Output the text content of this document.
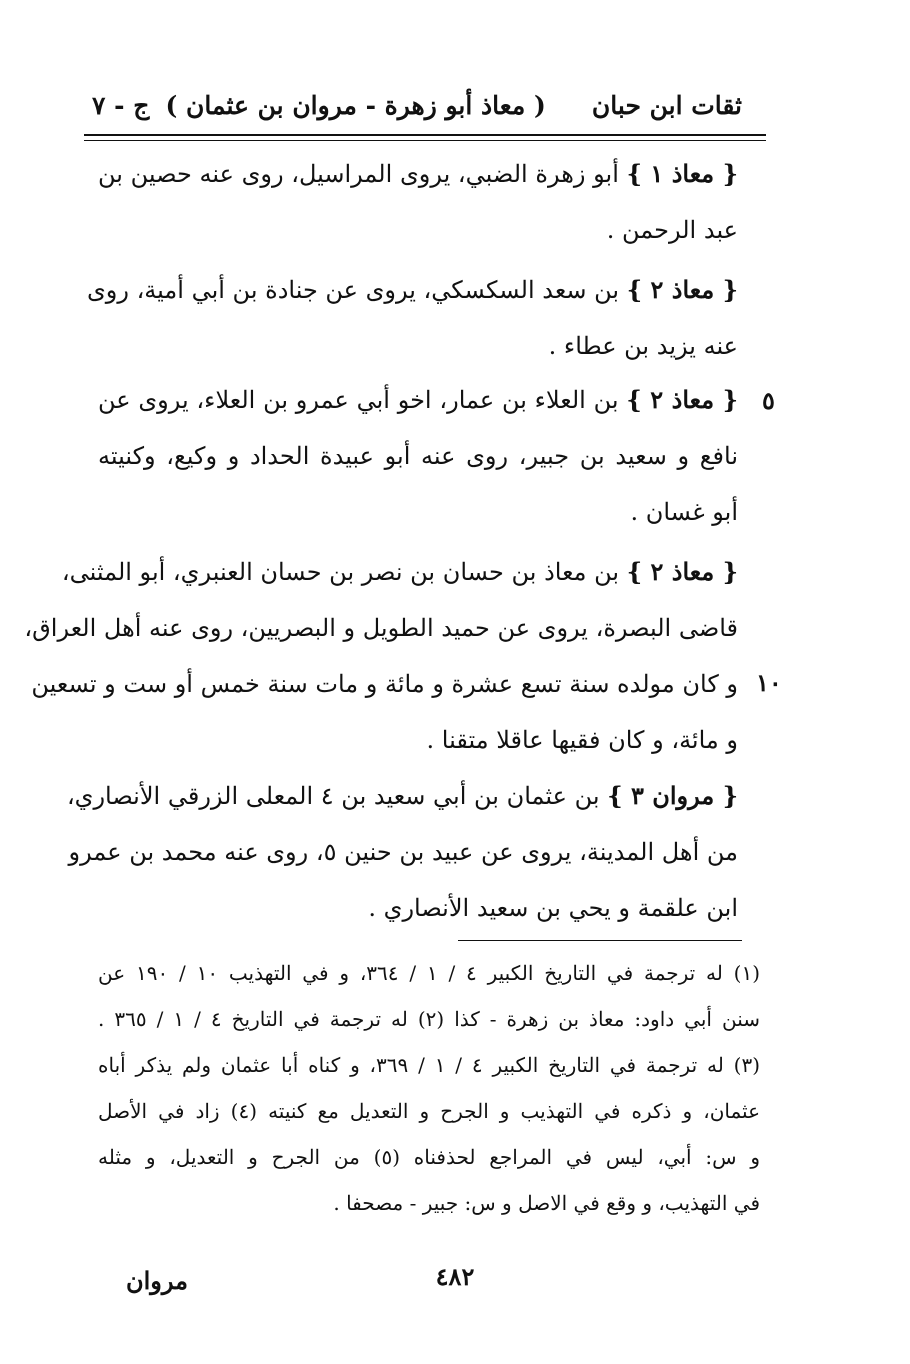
ثقات ابن حبان
( معاذ أبو زهرة - مروان بن عثمان )
ج - ٧
{ معاذ ١ } أبو زهرة الضبي، يروى المراسيل، روى عنه حصين بن
عبد الرحمن .
{ معاذ ٢ } بن سعد السكسكي، يروى عن جنادة بن أبي أمية، روى
عنه يزيد بن عطاء .
٥
{ معاذ ٢ } بن العلاء بن عمار، اخو أبي عمرو بن العلاء، يروى عن
نافع و سعيد بن جبير، روى عنه أبو عبيدة الحداد و وكيع، وكنيته
أبو غسان .
١٠
{ معاذ ٢ } بن معاذ بن حسان بن نصر بن حسان العنبري، أبو المثنى،
قاضى البصرة، يروى عن حميد الطويل و البصريين، روى عنه أهل العراق،
و كان مولده سنة تسع عشرة و مائة و مات سنة خمس أو ست و تسعين
و مائة، و كان فقيها عاقلا متقنا .
{ مروان ٣ } بن عثمان بن أبي سعيد بن ٤ المعلى الزرقي الأنصاري،
من أهل المدينة، يروى عن عبيد بن حنين ٥، روى عنه محمد بن عمرو
ابن علقمة و يحي بن سعيد الأنصاري .
(١) له ترجمة في التاريخ الكبير ٤ / ١ / ٣٦٤، و في التهذيب ١٠ / ١٩٠ عن
سنن أبي داود: معاذ بن زهرة - كذا (٢) له ترجمة في التاريخ ٤ / ١ / ٣٦٥ .
(٣) له ترجمة في التاريخ الكبير ٤ / ١ / ٣٦٩، و كناه أبا عثمان ولم يذكر أباه
عثمان، و ذكره في التهذيب و الجرح و التعديل مع كنيته (٤) زاد في الأصل
و س: أبي، ليس في المراجع لحذفناه (٥) من الجرح و التعديل، و مثله
في التهذيب، و وقع في الاصل و س: جبير - مصحفا .
مروان	٤٨٢
